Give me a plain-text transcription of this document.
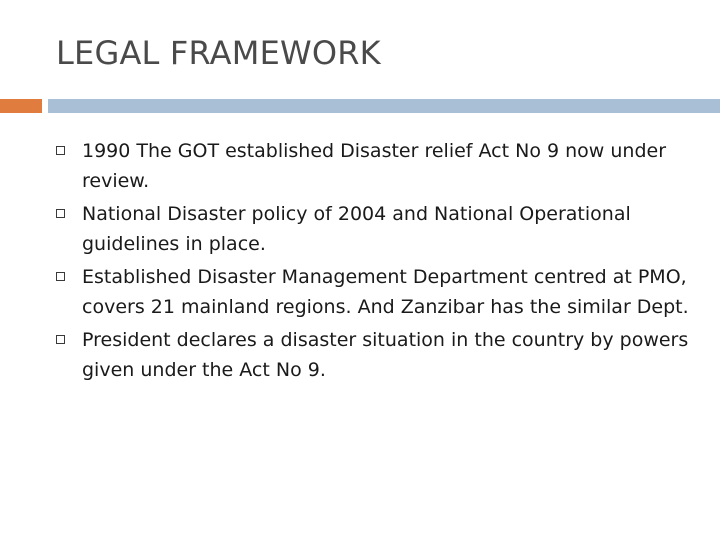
LEGAL FRAMEWORK
1990 The GOT established Disaster relief Act No 9 now under review.
National Disaster policy of 2004 and National Operational guidelines in place.
Established Disaster Management Department centred at PMO, covers 21 mainland regions. And Zanzibar has the similar Dept.
President declares a disaster situation in the country by powers given under the Act No 9.
